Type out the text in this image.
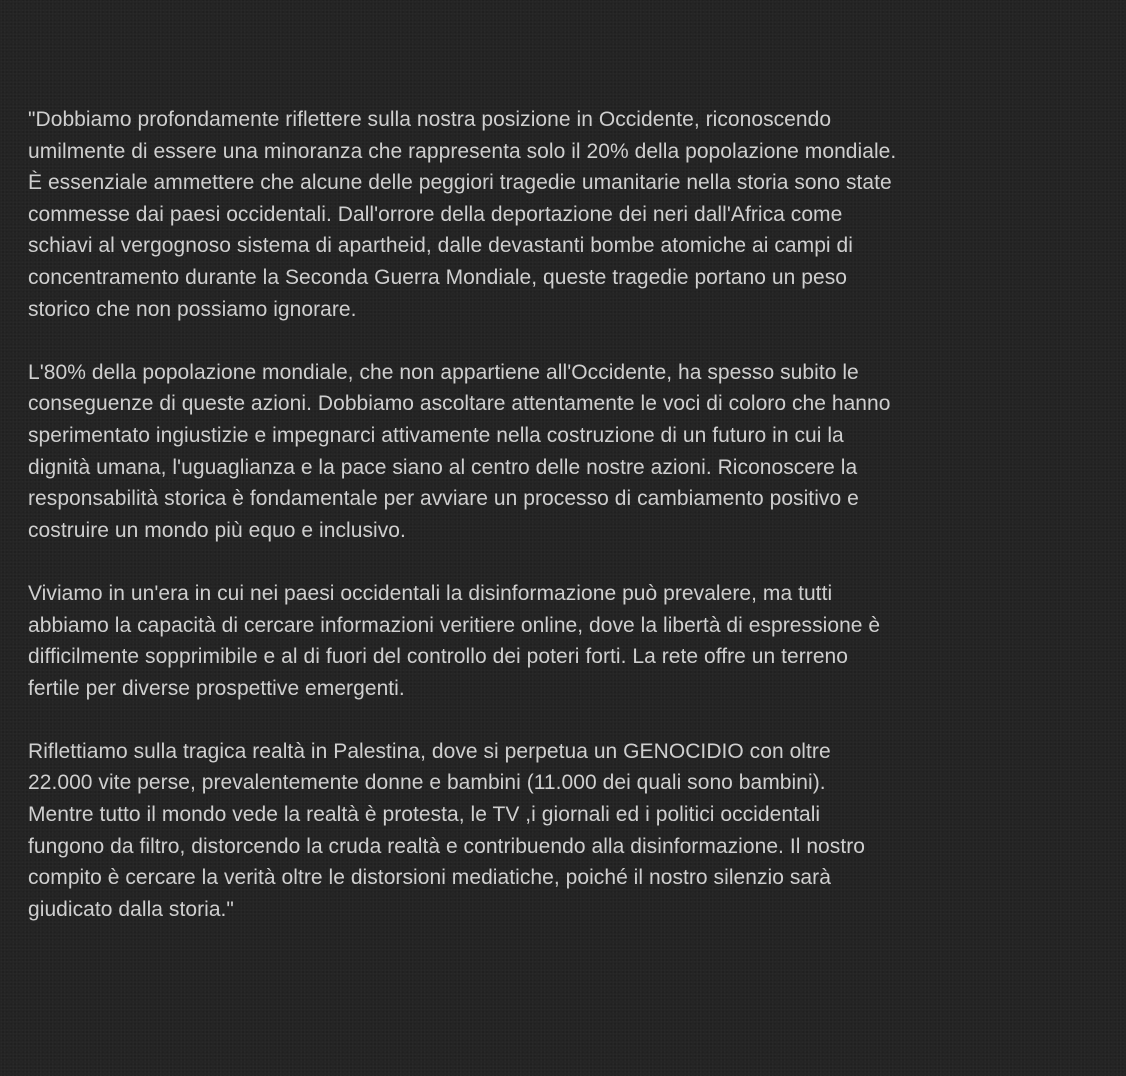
"Dobbiamo profondamente riflettere sulla nostra posizione in Occidente, riconoscendo
umilmente di essere una minoranza che rappresenta solo il 20% della popolazione mondiale.
È essenziale ammettere che alcune delle peggiori tragedie umanitarie nella storia sono state
commesse dai paesi occidentali. Dall'orrore della deportazione dei neri dall'Africa come
schiavi al vergognoso sistema di apartheid, dalle devastanti bombe atomiche ai campi di
concentramento durante la Seconda Guerra Mondiale, queste tragedie portano un peso
storico che non possiamo ignorare.

L'80% della popolazione mondiale, che non appartiene all'Occidente, ha spesso subito le
conseguenze di queste azioni. Dobbiamo ascoltare attentamente le voci di coloro che hanno
sperimentato ingiustizie e impegnarci attivamente nella costruzione di un futuro in cui la
dignità umana, l'uguaglianza e la pace siano al centro delle nostre azioni. Riconoscere la
responsabilità storica è fondamentale per avviare un processo di cambiamento positivo e
costruire un mondo più equo e inclusivo.

Viviamo in un'era in cui nei paesi occidentali la disinformazione può prevalere, ma tutti
abbiamo la capacità di cercare informazioni veritiere online, dove la libertà di espressione è
difficilmente sopprimibile e al di fuori del controllo dei poteri forti. La rete offre un terreno
fertile per diverse prospettive emergenti.

Riflettiamo sulla tragica realtà in Palestina, dove si perpetua un GENOCIDIO con oltre
22.000 vite perse, prevalentemente donne e bambini (11.000 dei quali sono bambini).
Mentre tutto il mondo vede la realtà è protesta, le TV ,i giornali ed i politici occidentali
fungono da filtro, distorcendo la cruda realtà e contribuendo alla disinformazione. Il nostro
compito è cercare la verità oltre le distorsioni mediatiche, poiché il nostro silenzio sarà
giudicato dalla storia."
